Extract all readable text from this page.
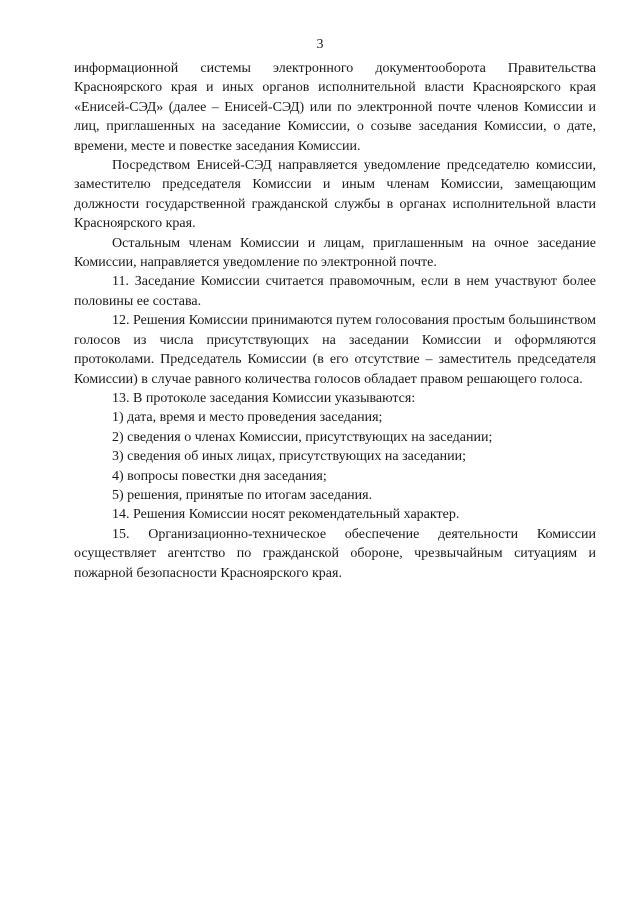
3

информационной системы электронного документооборота Правительства Красноярского края и иных органов исполнительной власти Красноярского края «Енисей-СЭД» (далее – Енисей-СЭД) или по электронной почте членов Комиссии и лиц, приглашенных на заседание Комиссии, о созыве заседания Комиссии, о дате, времени, месте и повестке заседания Комиссии.

Посредством Енисей-СЭД направляется уведомление председателю комиссии, заместителю председателя Комиссии и иным членам Комиссии, замещающим должности государственной гражданской службы в органах исполнительной власти Красноярского края.

Остальным членам Комиссии и лицам, приглашенным на очное заседание Комиссии, направляется уведомление по электронной почте.

11. Заседание Комиссии считается правомочным, если в нем участвуют более половины ее состава.

12. Решения Комиссии принимаются путем голосования простым большинством голосов из числа присутствующих на заседании Комиссии и оформляются протоколами. Председатель Комиссии (в его отсутствие – заместитель председателя Комиссии) в случае равного количества голосов обладает правом решающего голоса.

13. В протоколе заседания Комиссии указываются:

1) дата, время и место проведения заседания;

2) сведения о членах Комиссии, присутствующих на заседании;

3) сведения об иных лицах, присутствующих на заседании;

4) вопросы повестки дня заседания;

5) решения, принятые по итогам заседания.

14. Решения Комиссии носят рекомендательный характер.

15. Организационно-техническое обеспечение деятельности Комиссии осуществляет агентство по гражданской обороне, чрезвычайным ситуациям и пожарной безопасности Красноярского края.
